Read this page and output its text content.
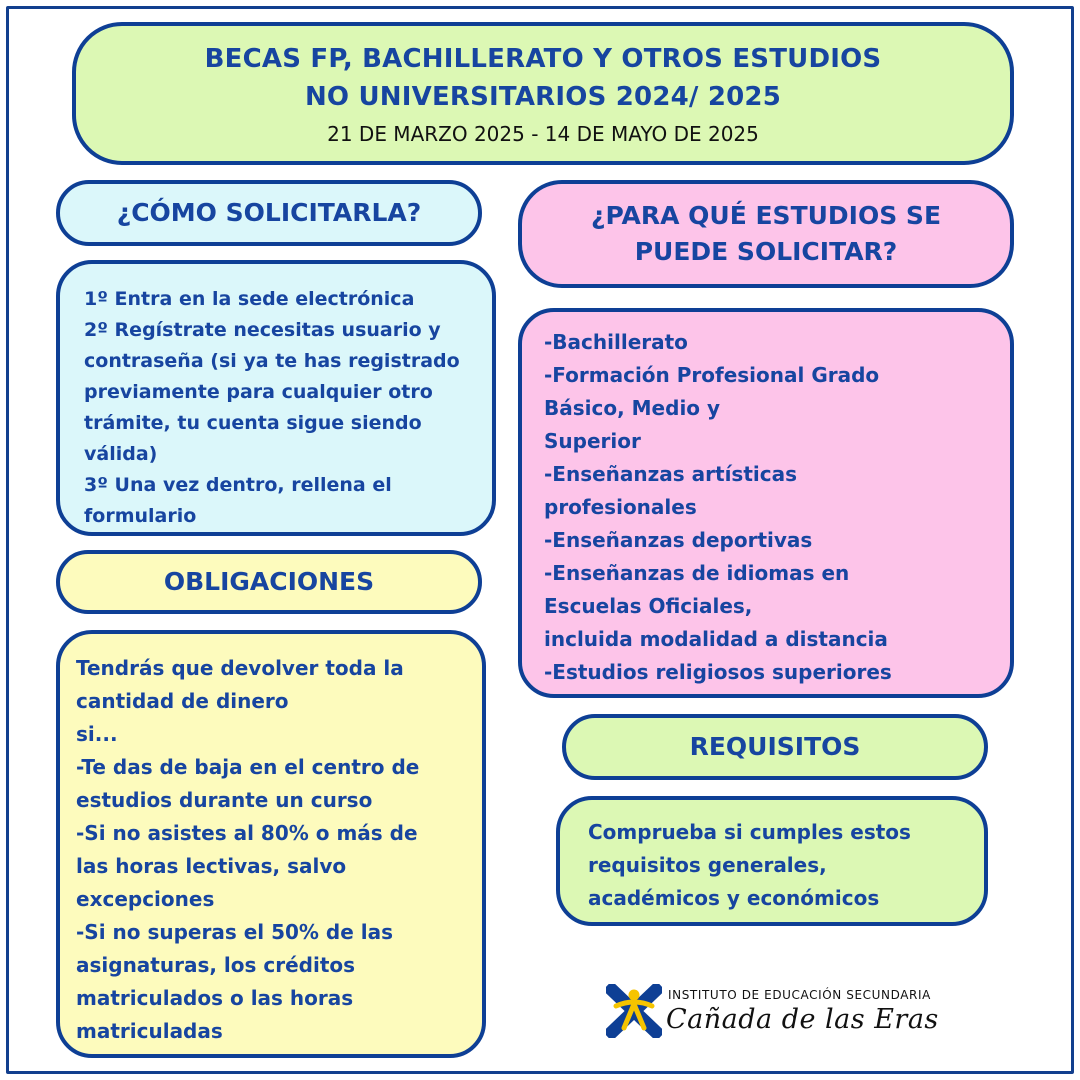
BECAS FP, BACHILLERATO Y OTROS ESTUDIOS
NO UNIVERSITARIOS 2024/ 2025
21 DE MARZO 2025 - 14 DE MAYO DE 2025
¿CÓMO SOLICITARLA?
1º Entra en la sede electrónica
2º Regístrate necesitas usuario y
contraseña (si ya te has registrado
previamente para cualquier otro
trámite, tu cuenta sigue siendo
válida)
3º Una vez dentro, rellena el
formulario
OBLIGACIONES
Tendrás que devolver toda la
cantidad de dinero
si...
-Te das de baja en el centro de
estudios durante un curso
-Si no asistes al 80% o más de
las horas lectivas, salvo
excepciones
-Si no superas el 50% de las
asignaturas, los créditos
matriculados o las horas
matriculadas
¿PARA QUÉ ESTUDIOS SE
PUEDE SOLICITAR?
-Bachillerato
-Formación Profesional Grado
Básico, Medio y
Superior
-Enseñanzas artísticas
profesionales
-Enseñanzas deportivas
-Enseñanzas de idiomas en
Escuelas Oficiales,
incluida modalidad a distancia
-Estudios religiosos superiores
REQUISITOS
Comprueba si cumples estos
requisitos generales,
académicos y económicos
INSTITUTO DE EDUCACIÓN SECUNDARIA
Cañada de las Eras
